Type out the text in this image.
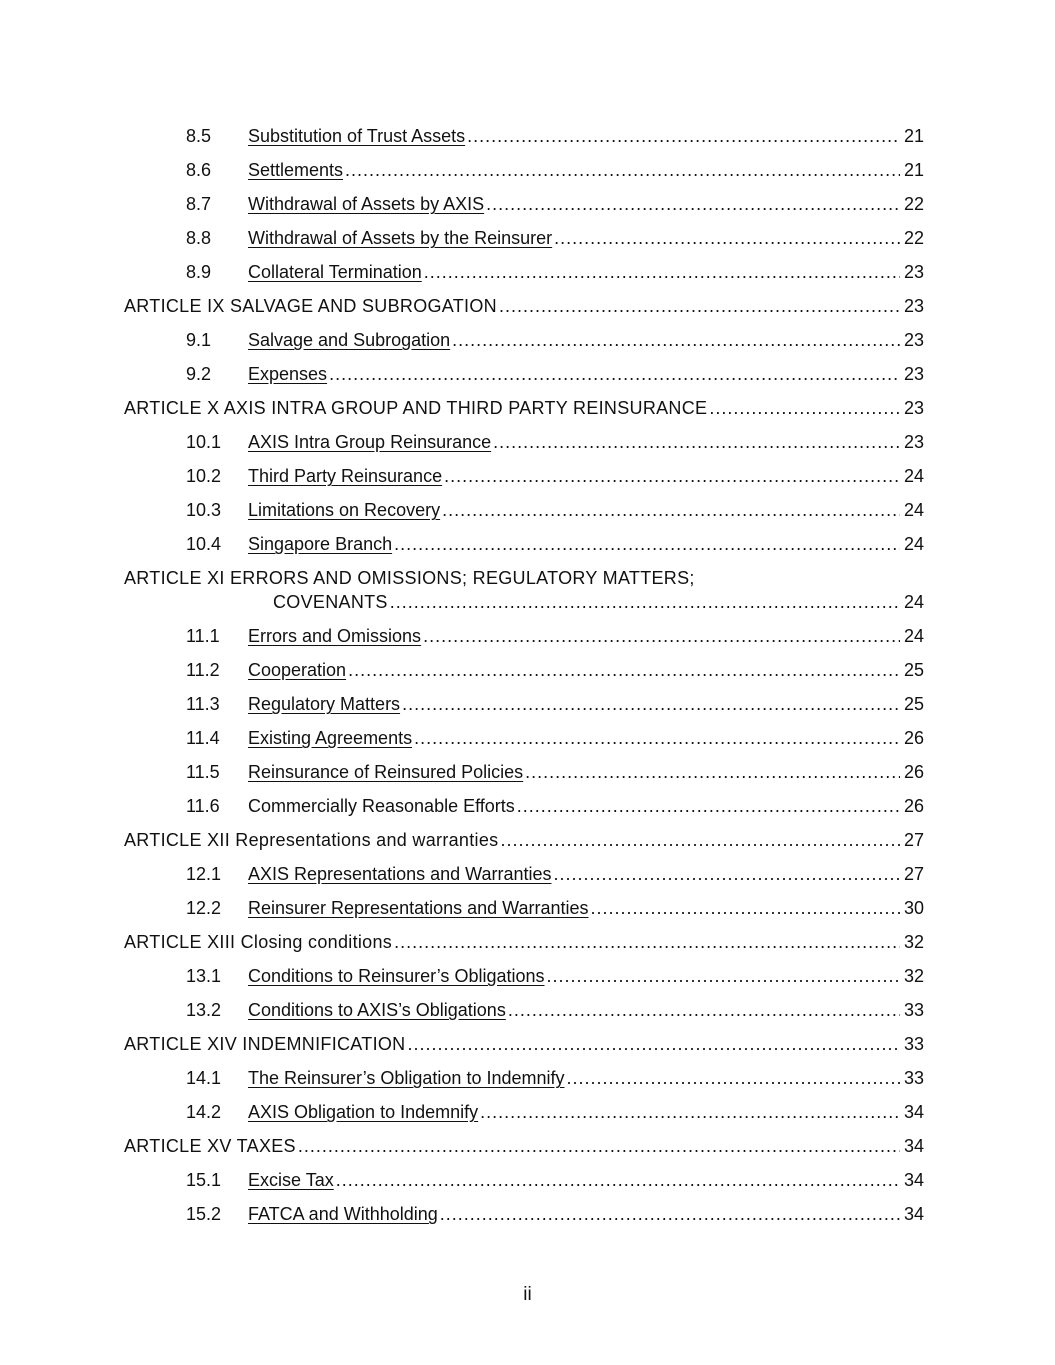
8.5	Substitution of Trust Assets .....	21
8.6	Settlements .....	21
8.7	Withdrawal of Assets by AXIS .....	22
8.8	Withdrawal of Assets by the Reinsurer .....	22
8.9	Collateral Termination .....	23
ARTICLE IX SALVAGE AND SUBROGATION .....	23
9.1	Salvage and Subrogation .....	23
9.2	Expenses .....	23
ARTICLE X AXIS INTRA GROUP AND THIRD PARTY REINSURANCE .....	23
10.1	AXIS Intra Group Reinsurance .....	23
10.2	Third Party Reinsurance .....	24
10.3	Limitations on Recovery .....	24
10.4	Singapore Branch .....	24
ARTICLE XI ERRORS AND OMISSIONS; REGULATORY MATTERS;
COVENANTS .....	24
11.1	Errors and Omissions .....	24
11.2	Cooperation .....	25
11.3	Regulatory Matters .....	25
11.4	Existing Agreements .....	26
11.5	Reinsurance of Reinsured Policies .....	26
11.6	Commercially Reasonable Efforts .....	26
ARTICLE XII Representations and warranties .....	27
12.1	AXIS Representations and Warranties .....	27
12.2	Reinsurer Representations and Warranties .....	30
ARTICLE XIII Closing conditions .....	32
13.1	Conditions to Reinsurer’s Obligations .....	32
13.2	Conditions to AXIS’s Obligations .....	33
ARTICLE XIV INDEMNIFICATION .....	33
14.1	The Reinsurer’s Obligation to Indemnify .....	33
14.2	AXIS Obligation to Indemnify .....	34
ARTICLE XV TAXES .....	34
15.1	Excise Tax .....	34
15.2	FATCA and Withholding .....	34
ii
